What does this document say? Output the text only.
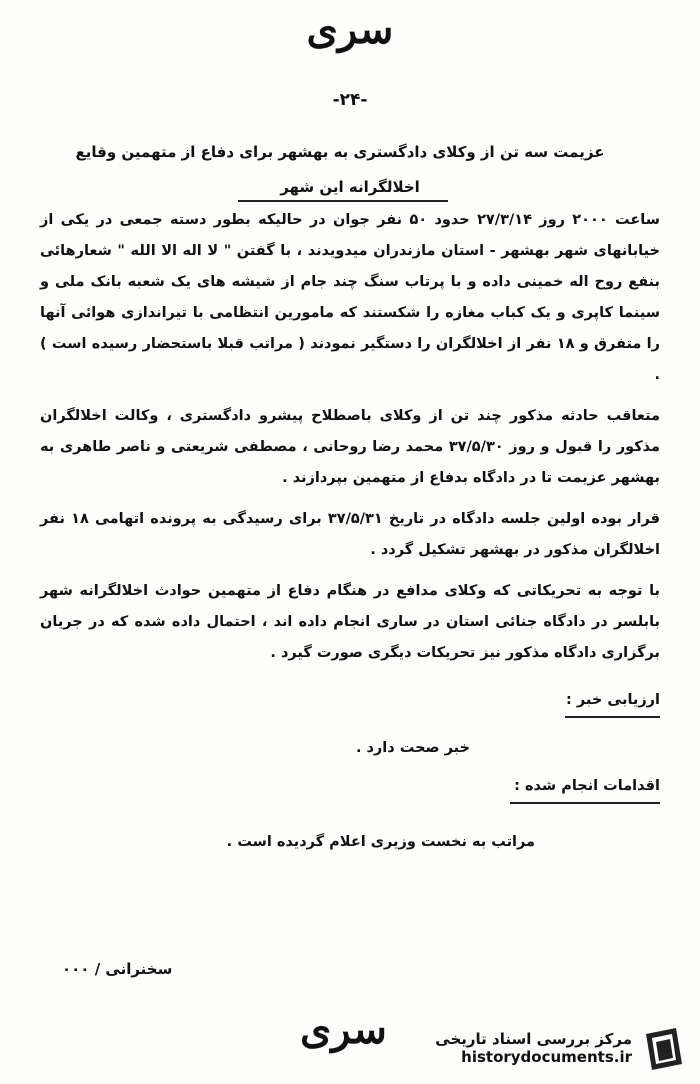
سری
-۲۴-
عزیمت سه تن از وکلای دادگستری به بهشهر برای دفاع از متهمین وقایع
اخلالگرانه این شهر

ساعت ۲۰۰۰ روز ۲۷/۳/۱۴ حدود ۵۰ نفر جوان در حالیکه بطور دسته جمعی در یکی از خیابانهای شهر بهشهر - استان مازندران میدویدند ، با گفتن " لا اله الا الله " شعارهائی بنفع روح اله خمینی داده و با پرتاب سنگ چند جام از شیشه های یک شعبه بانک ملی و سینما کاپری و یک کباب مغازه را شکستند که مامورین انتظامی با تیراندازی هوائی آنها را متفرق و ۱۸ نفر از اخلالگران را دستگیر نمودند ( مراتب قبلا باستحضار رسیده است ) .

متعاقب حادثه مذکور چند تن از وکلای باصطلاح پیشرو دادگستری ، وکالت اخلالگران مذکور را قبول و روز ۳۷/۵/۳۰ محمد رضا روحانی ، مصطفی شریعتی و ناصر طاهری به بهشهر عزیمت تا در دادگاه بدفاع از متهمین بپردازند .

قرار بوده اولین جلسه دادگاه در تاریخ ۳۷/۵/۳۱ برای رسیدگی به پرونده اتهامی ۱۸ نفر اخلالگران مذکور در بهشهر تشکیل گردد .

با توجه به تحریکاتی که وکلای مدافع در هنگام دفاع از متهمین حوادث اخلالگرانه شهر بابلسر در دادگاه جنائی استان در ساری انجام داده اند ، احتمال داده شده که در جریان برگزاری دادگاه مذکور نیز تحریکات دیگری صورت گیرد .

ارزیابی خبر :
خبر صحت دارد .
اقدامات انجام شده :
مراتب به نخست وزیری اعلام گردیده است .
سخنرانی / ۰۰۰
سری	مرکز بررسی اسناد تاریخی
historydocuments.ir
